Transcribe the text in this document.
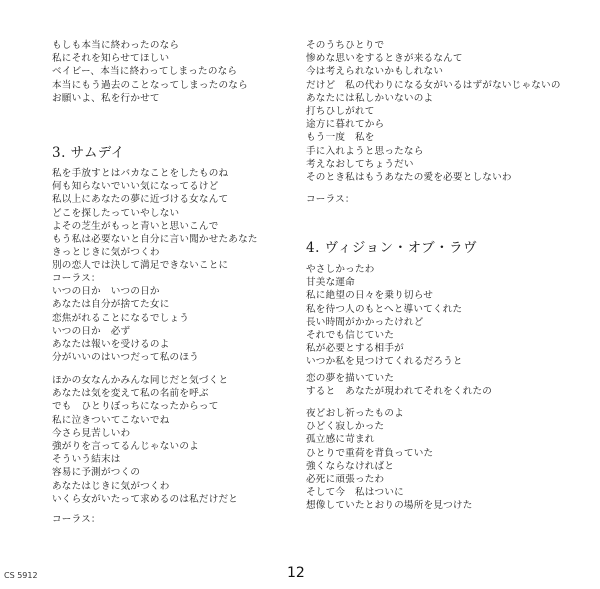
もしも本当に終わったのなら
私にそれを知らせてほしい
ベイビー、本当に終わってしまったのなら
本当にもう過去のことなってしまったのなら
お願いよ、私を行かせて
3. サムデイ
私を手放すとはバカなことをしたものね
何も知らないでいい気になってるけど
私以上にあなたの夢に近づける女なんて
どこを探したっていやしない
よその芝生がもっと青いと思いこんで
もう私は必要ないと自分に言い聞かせたあなた
きっとじきに気がつくわ
別の恋人では決して満足できないことに
コーラス：
いつの日か　いつの日か
あなたは自分が捨てた女に
恋焦がれることになるでしょう
いつの日か　必ず
あなたは報いを受けるのよ
分がいいのはいつだって私のほう
ほかの女なんかみんな同じだと気づくと
あなたは気を変えて私の名前を呼ぶ
でも　ひとりぼっちになったからって
私に泣きついてこないでね
今さら見苦しいわ
強がりを言ってるんじゃないのよ
そういう結末は
容易に予測がつくの
あなたはじきに気がつくわ
いくら女がいたって求めるのは私だけだと
コーラス：
そのうちひとりで
惨めな思いをするときが来るなんて
今は考えられないかもしれない
だけど　私の代わりになる女がいるはずがないじゃないの
あなたには私しかいないのよ
打ちひしがれて
途方に暮れてから
もう一度　私を
手に入れようと思ったなら
考えなおしてちょうだい
そのとき私はもうあなたの愛を必要としないわ
コーラス：
4. ヴィジョン・オブ・ラヴ
やさしかったわ
甘美な運命
私に絶望の日々を乗り切らせ
私を待つ人のもとへと導いてくれた
長い時間がかかったけれど
それでも信じていた
私が必要とする相手が
いつか私を見つけてくれるだろうと
恋の夢を描いていた
すると　あなたが現われてそれをくれたの
夜どおし祈ったものよ
ひどく寂しかった
孤立感に苛まれ
ひとりで重荷を背負っていた
強くならなければと
必死に頑張ったわ
そして今　私はついに
想像していたとおりの場所を見つけた
CS 5912	12
